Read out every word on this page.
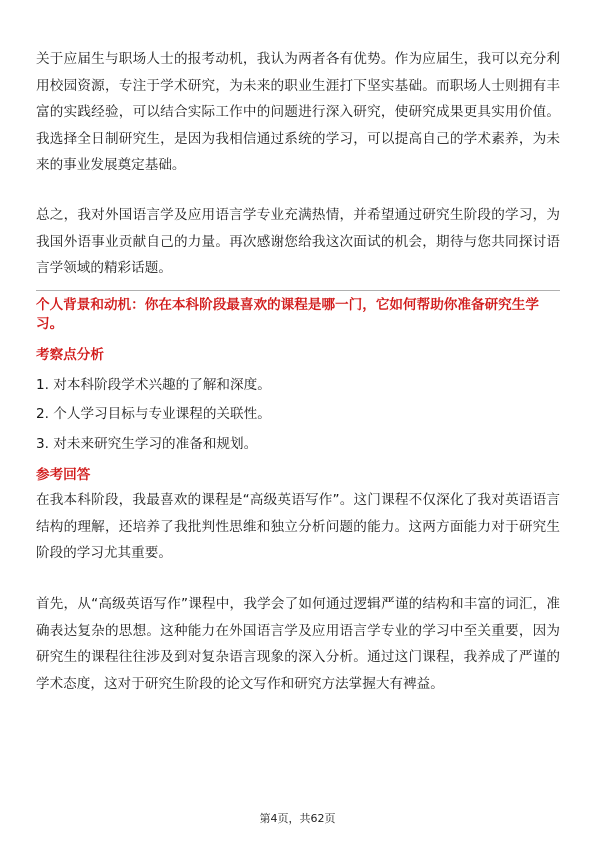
关于应届生与职场人士的报考动机，我认为两者各有优势。作为应届生，我可以充分利用校园资源，专注于学术研究，为未来的职业生涯打下坚实基础。而职场人士则拥有丰富的实践经验，可以结合实际工作中的问题进行深入研究，使研究成果更具实用价值。我选择全日制研究生，是因为我相信通过系统的学习，可以提高自己的学术素养，为未来的事业发展奠定基础。

总之，我对外国语言学及应用语言学专业充满热情，并希望通过研究生阶段的学习，为我国外语事业贡献自己的力量。再次感谢您给我这次面试的机会，期待与您共同探讨语言学领域的精彩话题。

个人背景和动机：你在本科阶段最喜欢的课程是哪一门，它如何帮助你准备研究生学习。

考察点分析

1. 对本科阶段学术兴趣的了解和深度。
2. 个人学习目标与专业课程的关联性。
3. 对未来研究生学习的准备和规划。

参考回答

在我本科阶段，我最喜欢的课程是“高级英语写作”。这门课程不仅深化了我对英语语言结构的理解，还培养了我批判性思维和独立分析问题的能力。这两方面能力对于研究生阶段的学习尤其重要。

首先，从“高级英语写作”课程中，我学会了如何通过逻辑严谨的结构和丰富的词汇，准确表达复杂的思想。这种能力在外国语言学及应用语言学专业的学习中至关重要，因为研究生的课程往往涉及到对复杂语言现象的深入分析。通过这门课程，我养成了严谨的学术态度，这对于研究生阶段的论文写作和研究方法掌握大有裨益。

第4页，共62页
